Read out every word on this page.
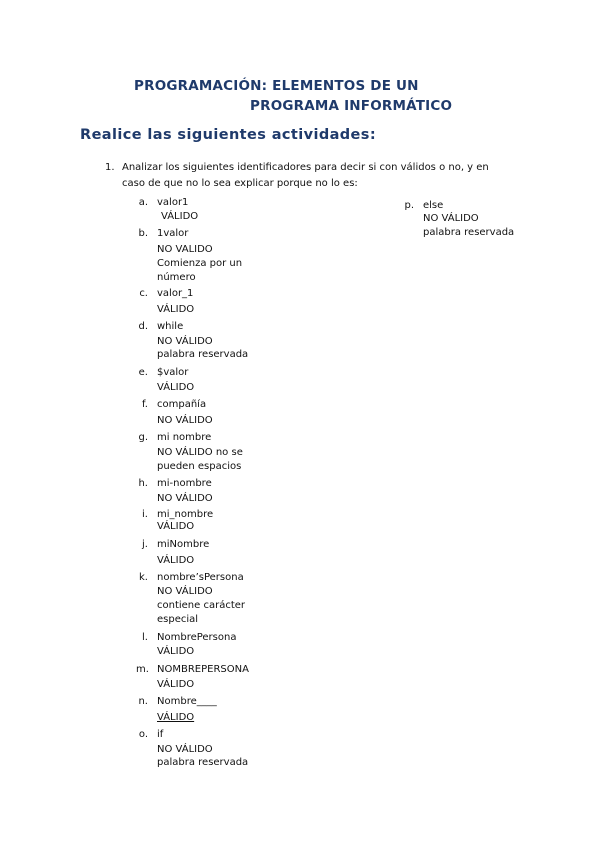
PROGRAMACIÓN: ELEMENTOS DE UN
PROGRAMA INFORMÁTICO
Realice las siguientes actividades:
1. Analizar los siguientes identificadores para decir si con válidos o no, y en
caso de que no lo sea explicar porque no lo es:
a. valor1
VÁLIDO
b. 1valor
NO VALIDO
Comienza por un número
c. valor_1
VÁLIDO
d. while
NO VÁLIDO
palabra reservada
e. $valor
VÁLIDO
f. compañía
NO VÁLIDO
g. mi nombre
NO VÁLIDO no se pueden espacios
h. mi-nombre
NO VÁLIDO
i. mi_nombre
VÁLIDO
j. miNombre
VÁLIDO
k. nombre’sPersona
NO VÁLIDO
contiene carácter especial
l. NombrePersona
VÁLIDO
m. NOMBREPERSONA
VÁLIDO
n. Nombre____
VÁLIDO
o. if
NO VÁLIDO
palabra reservada
p. else
NO VÁLIDO
palabra reservada
